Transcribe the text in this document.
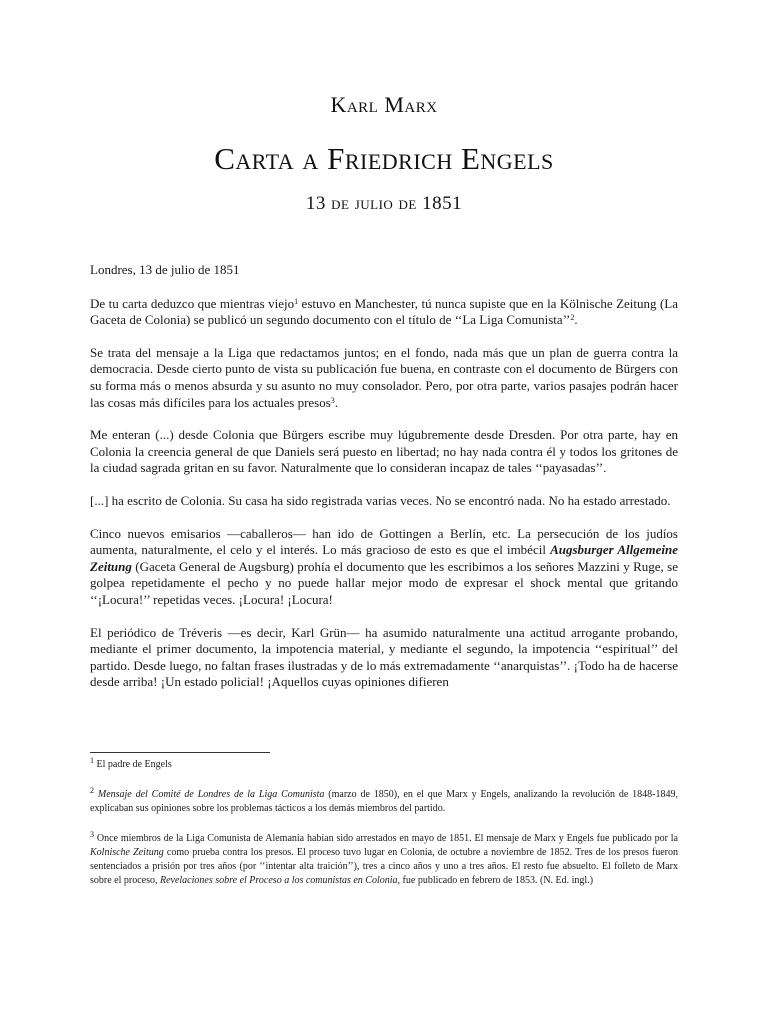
Karl Marx
Carta a Friedrich Engels
13 de julio de 1851

Londres, 13 de julio de 1851

De tu carta deduzco que mientras viejo$^1$ estuvo en Manchester, tú nunca supiste que en la Kölnische Zeitung (La Gaceta de Colonia) se publicó un segundo documento con el título de ‘‘La Liga Comunista’’$^2$.

Se trata del mensaje a la Liga que redactamos juntos; en el fondo, nada más que un plan de guerra contra la democracia. Desde cierto punto de vista su publicación fue buena, en contraste con el documento de Bürgers con su forma más o menos absurda y su asunto no muy consolador. Pero, por otra parte, varios pasajes podrán hacer las cosas más difíciles para los actuales presos$^3$.

Me enteran (...) desde Colonia que Bürgers escribe muy lúgubremente desde Dresden. Por otra parte, hay en Colonia la creencia general de que Daniels será puesto en libertad; no hay nada contra él y todos los gritones de la ciudad sagrada gritan en su favor. Naturalmente que lo consideran incapaz de tales ‘‘payasadas’’.

[...] ha escrito de Colonia. Su casa ha sido registrada varias veces. No se encontró nada. No ha estado arrestado.

Cinco nuevos emisarios —caballeros— han ido de Gottingen a Berlín, etc. La persecución de los judíos aumenta, naturalmente, el celo y el interés. Lo más gracioso de esto es que el imbécil Augsburger Allgemeine Zeitung (Gaceta General de Augsburg) prohía el documento que les escribimos a los señores Mazzini y Ruge, se golpea repetidamente el pecho y no puede hallar mejor modo de expresar el shock mental que gritando ‘‘¡Locura!’’ repetidas veces. ¡Locura! ¡Locura!

El periódico de Tréveris —es decir, Karl Grün— ha asumido naturalmente una actitud arrogante probando, mediante el primer documento, la impotencia material, y mediante el segundo, la impotencia ‘‘espiritual’’ del partido. Desde luego, no faltan frases ilustradas y de lo más extremadamente ‘‘anarquistas’’. ¡Todo ha de hacerse desde arriba! ¡Un estado policial! ¡Aquellos cuyas opiniones difieren

$^1$ El padre de Engels

$^2$ Mensaje del Comité de Londres de la Liga Comunista (marzo de 1850), en el que Marx y Engels, analizando la revolución de 1848-1849, explicaban sus opiniones sobre los problemas tácticos a los demás miembros del partido.

$^3$ Once miembros de la Liga Comunista de Alemania habían sido arrestados en mayo de 1851. El mensaje de Marx y Engels fue publicado por la Kolnische Zeitung como prueba contra los presos. El proceso tuvo lugar en Colonia, de octubre a noviembre de 1852. Tres de los presos fueron sentenciados a prisión por tres años (por ‘‘intentar alta traición’’), tres a cinco años y uno a tres años. El resto fue absuelto. El folleto de Marx sobre el proceso, Revelaciones sobre el Proceso a los comunistas en Colonia, fue publicado en febrero de 1853. (N. Ed. ingl.)
